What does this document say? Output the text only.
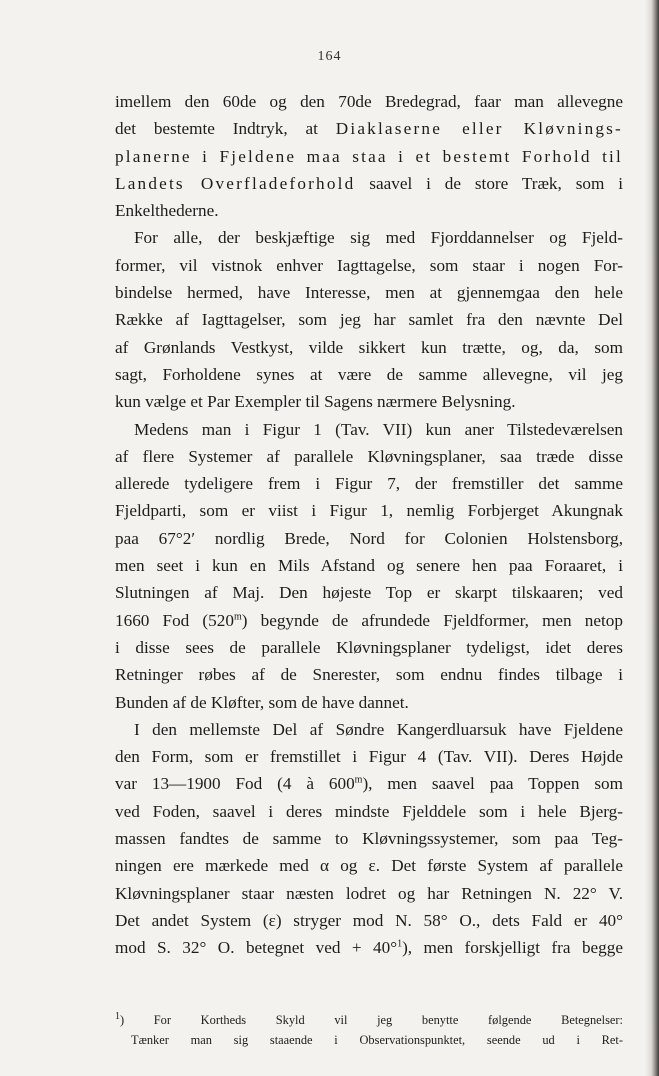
164
imellem den 60de og den 70de Bredegrad, faar man allevegne
det bestemte Indtryk, at Diaklaserne eller Kløvnings-
planerne i Fjeldene maa staa i et bestemt Forhold til
Landets Overfladeforhold saavel i de store Træk, som i
Enkelthederne.
For alle, der beskjæftige sig med Fjorddannelser og Fjeld-
former, vil vistnok enhver Iagttagelse, som staar i nogen For-
bindelse hermed, have Interesse, men at gjennemgaa den hele
Række af Iagttagelser, som jeg har samlet fra den nævnte Del
af Grønlands Vestkyst, vilde sikkert kun trætte, og, da, som
sagt, Forholdene synes at være de samme allevegne, vil jeg
kun vælge et Par Exempler til Sagens nærmere Belysning.
Medens man i Figur 1 (Tav. VII) kun aner Tilstedeværelsen
af flere Systemer af parallele Kløvningsplaner, saa træde disse
allerede tydeligere frem i Figur 7, der fremstiller det samme
Fjeldparti, som er viist i Figur 1, nemlig Forbjerget Akungnak
paa 67°2′ nordlig Brede, Nord for Colonien Holstensborg,
men seet i kun en Mils Afstand og senere hen paa Foraaret, i
Slutningen af Maj. Den højeste Top er skarpt tilskaaren; ved
1660 Fod (520$^m$) begynde de afrundede Fjeldformer, men netop
i disse sees de parallele Kløvningsplaner tydeligst, idet deres
Retninger røbes af de Snerester, som endnu findes tilbage i
Bunden af de Kløfter, som de have dannet.
I den mellemste Del af Søndre Kangerdluarsuk have Fjeldene
den Form, som er fremstillet i Figur 4 (Tav. VII). Deres Højde
var 13—1900 Fod (4 à 600$^m$), men saavel paa Toppen som
ved Foden, saavel i deres mindste Fjelddele som i hele Bjerg-
massen fandtes de samme to Kløvningssystemer, som paa Teg-
ningen ere mærkede med α og ε. Det første System af parallele
Kløvningsplaner staar næsten lodret og har Retningen N. 22° V.
Det andet System (ε) stryger mod N. 58° O., dets Fald er 40°
mod S. 32° O. betegnet ved + 40°$^1$), men forskjelligt fra begge
$^1$) For Kortheds Skyld vil jeg benytte følgende Betegnelser:
Tænker man sig staaende i Observationspunktet, seende ud i Ret-
